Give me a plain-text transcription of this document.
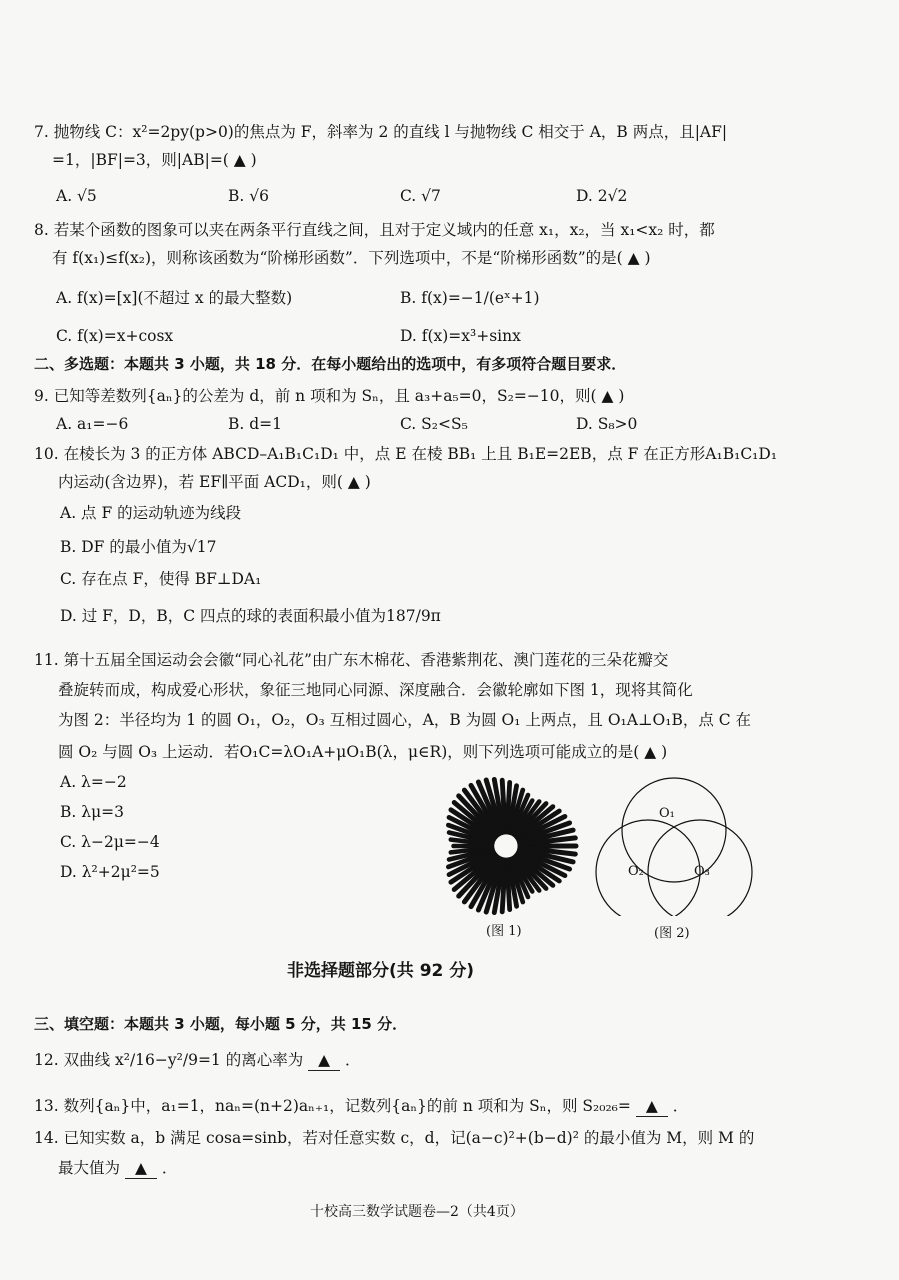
7. 抛物线 C：x²=2py(p>0)的焦点为 F，斜率为 2 的直线 l 与抛物线 C 相交于 A，B 两点，且|AF|
=1，|BF|=3，则|AB|=( ▲ )
A. √5	B. √6	C. √7	D. 2√2
8. 若某个函数的图象可以夹在两条平行直线之间，且对于定义域内的任意 x₁，x₂，当 x₁<x₂ 时，都
有 f(x₁)≤f(x₂)，则称该函数为“阶梯形函数”．下列选项中，不是“阶梯形函数”的是( ▲ )
A. f(x)=[x](不超过 x 的最大整数)	B. f(x)=−1/(eˣ+1)
C. f(x)=x+cosx	D. f(x)=x³+sinx
二、多选题：本题共 3 小题，共 18 分．在每小题给出的选项中，有多项符合题目要求．
9. 已知等差数列{aₙ}的公差为 d，前 n 项和为 Sₙ，且 a₃+a₅=0，S₂=−10，则( ▲ )
A. a₁=−6	B. d=1	C. S₂<S₅	D. S₈>0
10. 在棱长为 3 的正方体 ABCD–A₁B₁C₁D₁ 中，点 E 在棱 BB₁ 上且 B₁E=2EB，点 F 在正方形A₁B₁C₁D₁
内运动(含边界)，若 EF∥平面 ACD₁，则( ▲ )
A. 点 F 的运动轨迹为线段
B. DF 的最小值为√17
C. 存在点 F，使得 BF⊥DA₁
D. 过 F，D，B，C 四点的球的表面积最小值为187/9π
11. 第十五届全国运动会会徽“同心礼花”由广东木棉花、香港紫荆花、澳门莲花的三朵花瓣交
叠旋转而成，构成爱心形状，象征三地同心同源、深度融合．会徽轮廓如下图 1，现将其简化
为图 2：半径均为 1 的圆 O₁，O₂，O₃ 互相过圆心，A，B 为圆 O₁ 上两点，且 O₁A⊥O₁B，点 C 在
圆 O₂ 与圆 O₃ 上运动．若O₁C=λO₁A+μO₁B(λ，μ∈R)，则下列选项可能成立的是( ▲ )
A. λ=−2
B. λμ=3
C. λ−2μ=−4
D. λ²+2μ²=5
(图 1)
O₁
O₂	O₃
(图 2)
非选择题部分(共 92 分)
三、填空题：本题共 3 小题，每小题 5 分，共 15 分．
12. 双曲线 x²/16−y²/9=1 的离心率为 ▲ ．
13. 数列{aₙ}中，a₁=1，naₙ=(n+2)aₙ₊₁，记数列{aₙ}的前 n 项和为 Sₙ，则 S₂₀₂₆= ▲ ．
14. 已知实数 a，b 满足 cosa=sinb，若对任意实数 c，d，记(a−c)²+(b−d)² 的最小值为 M，则 M 的
最大值为 ▲ ．
十校高三数学试题卷—2（共4页）
